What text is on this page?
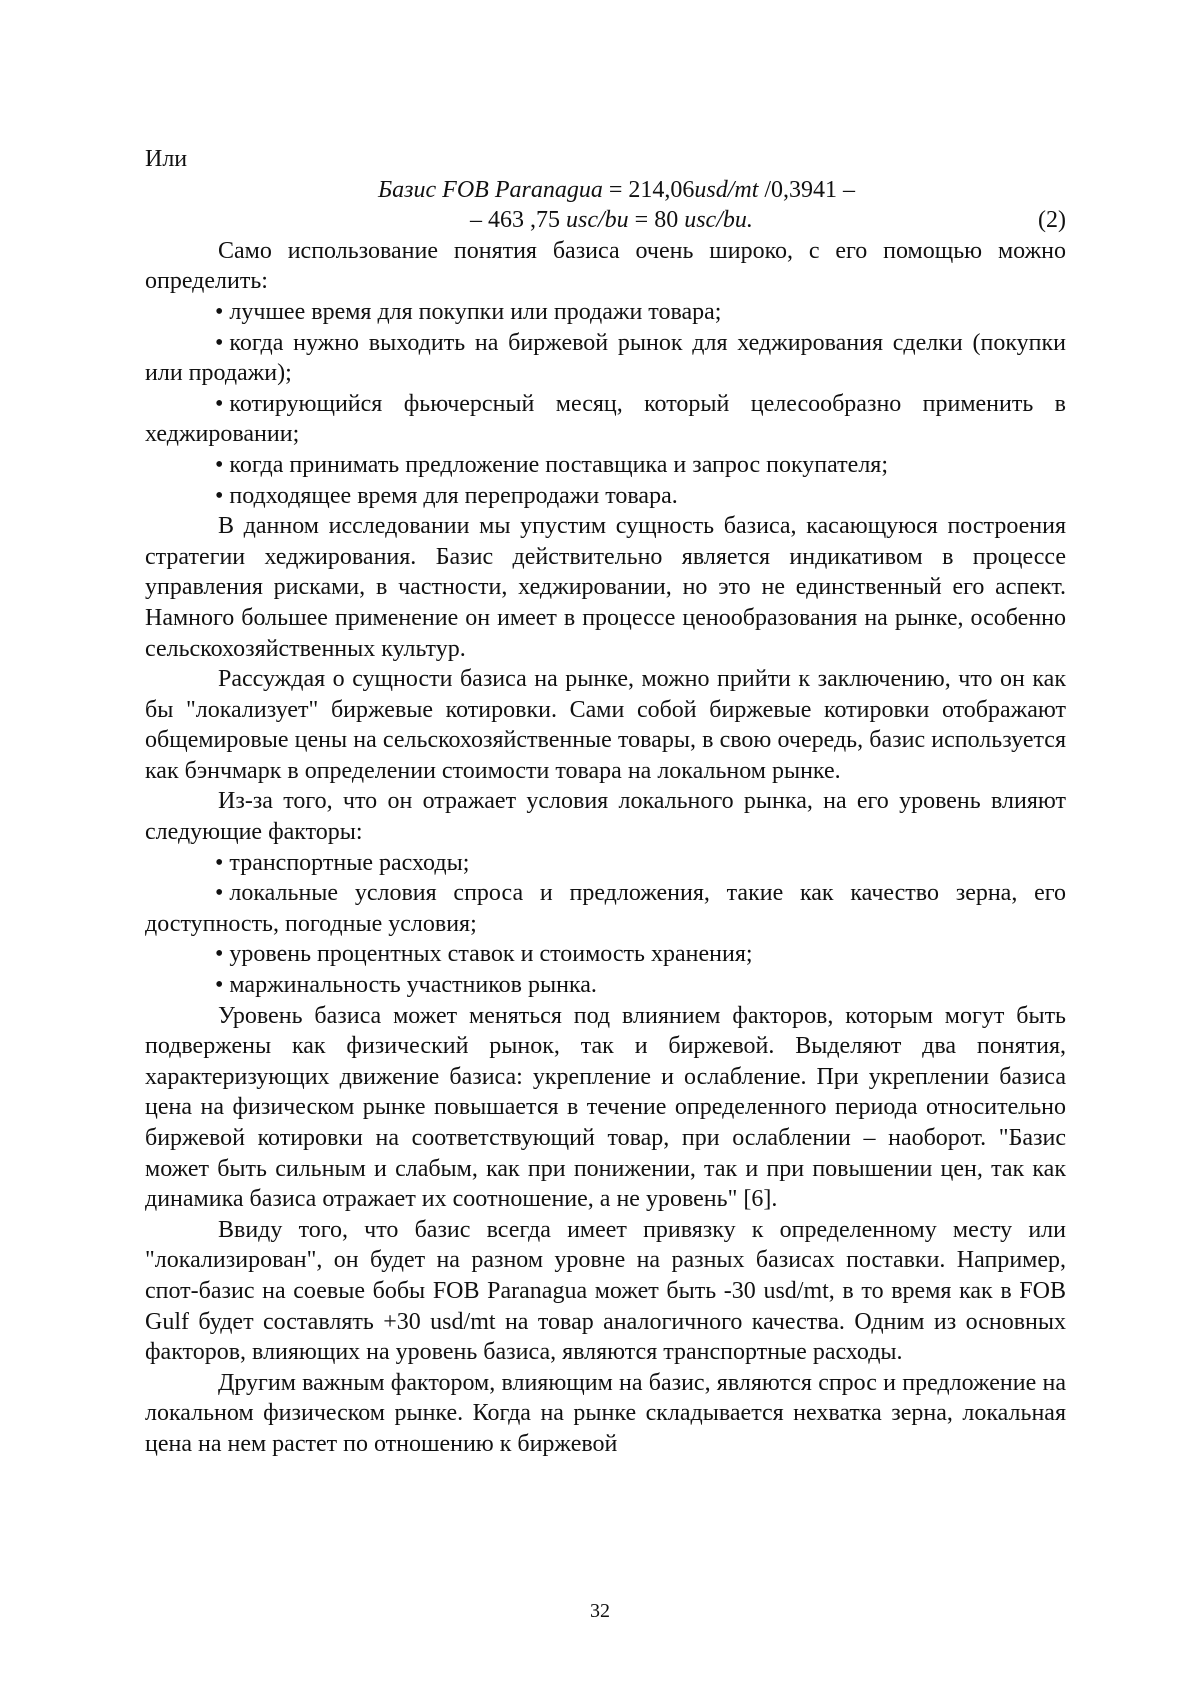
Или

Базис FOB Paranagua = 214,06usd/mt /0,3941 –
– 463 ,75 usc/bu = 80 usc/bu.	(2)

Само использование понятия базиса очень широко, с его помощью можно определить:

• лучшее время для покупки или продажи товара;

• когда нужно выходить на биржевой рынок для хеджирования сделки (покупки или продажи);

• котирующийся фьючерсный месяц, который целесообразно применить в хеджировании;

• когда принимать предложение поставщика и запрос покупателя;

• подходящее время для перепродажи товара.

В данном исследовании мы упустим сущность базиса, касающуюся построения стратегии хеджирования. Базис действительно является индикативом в процессе управления рисками, в частности, хеджировании, но это не единственный его аспект. Намного большее применение он имеет в процессе ценообразования на рынке, особенно сельскохозяйственных культур.

Рассуждая о сущности базиса на рынке, можно прийти к заключению, что он как бы "локализует" биржевые котировки. Сами собой биржевые котировки отображают общемировые цены на сельскохозяйственные товары, в свою очередь, базис используется как бэнчмарк в определении стоимости товара на локальном рынке.

Из-за того, что он отражает условия локального рынка, на его уровень влияют следующие факторы:

• транспортные расходы;

• локальные условия спроса и предложения, такие как качество зерна, его доступность, погодные условия;

• уровень процентных ставок и стоимость хранения;

• маржинальность участников рынка.

Уровень базиса может меняться под влиянием факторов, которым могут быть подвержены как физический рынок, так и биржевой. Выделяют два понятия, характеризующих движение базиса: укрепление и ослабление. При укреплении базиса цена на физическом рынке повышается в течение определенного периода относительно биржевой котировки на соответствующий товар, при ослаблении – наоборот. "Базис может быть сильным и слабым, как при понижении, так и при повышении цен, так как динамика базиса отражает их соотношение, а не уровень" [6].

Ввиду того, что базис всегда имеет привязку к определенному месту или "локализирован", он будет на разном уровне на разных базисах поставки. Например, спот-базис на соевые бобы FOB Paranagua может быть -30 usd/mt, в то время как в FOB Gulf будет составлять +30 usd/mt на товар аналогичного качества. Одним из основных факторов, влияющих на уровень базиса, являются транспортные расходы.

Другим важным фактором, влияющим на базис, являются спрос и предложение на локальном физическом рынке. Когда на рынке складывается нехватка зерна, локальная цена на нем растет по отношению к биржевой

32
